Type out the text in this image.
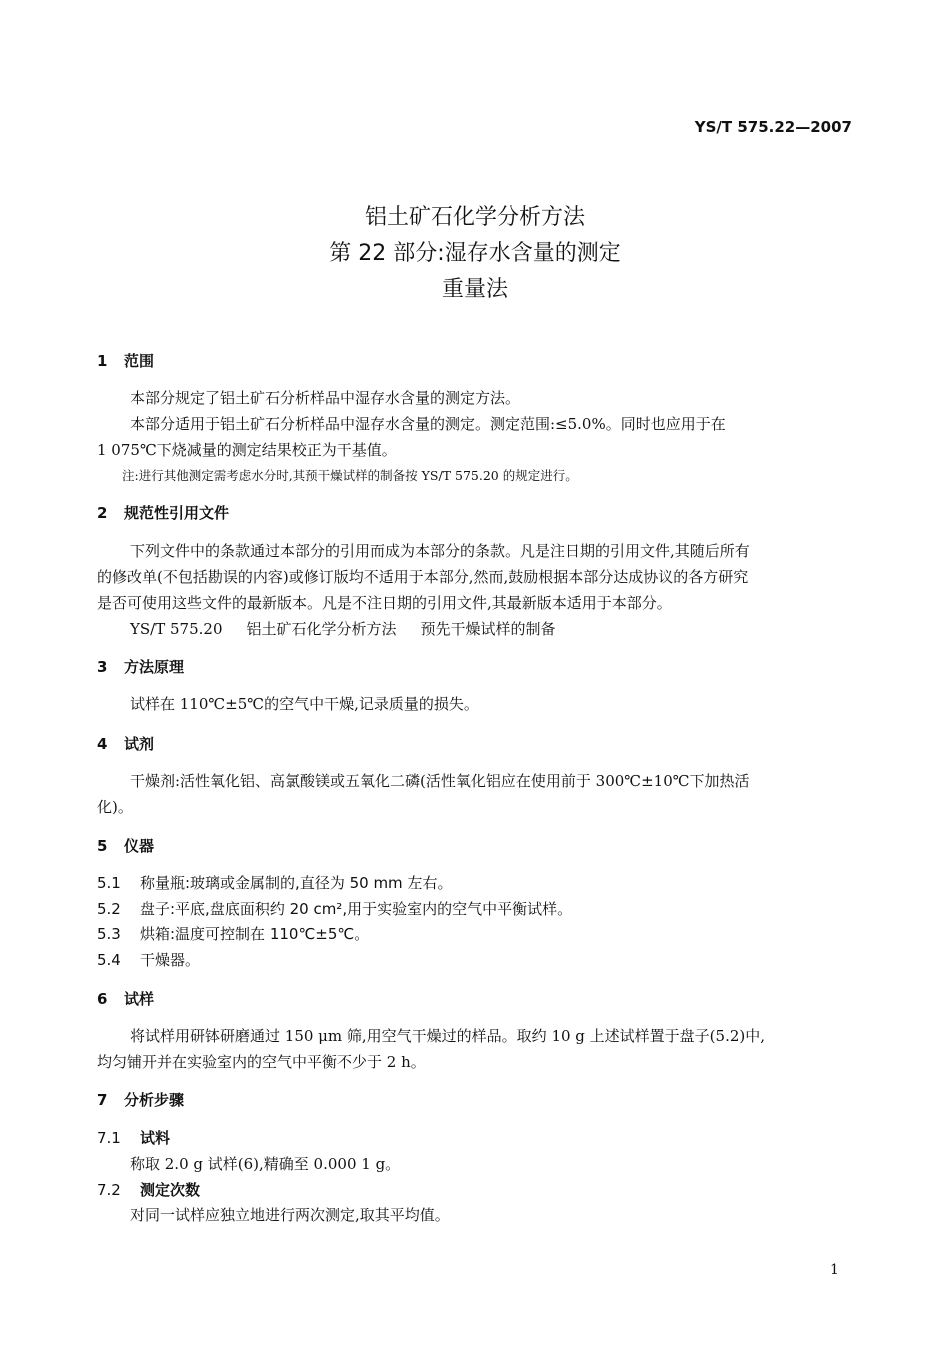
YS/T 575.22—2007
铝土矿石化学分析方法
第 22 部分:湿存水含量的测定
重量法
1 范围
本部分规定了铝土矿石分析样品中湿存水含量的测定方法。
本部分适用于铝土矿石分析样品中湿存水含量的测定。测定范围:≤5.0%。同时也应用于在
1 075℃下烧减量的测定结果校正为干基值。
注:进行其他测定需考虑水分时,其预干燥试样的制备按 YS/T 575.20 的规定进行。
2 规范性引用文件
下列文件中的条款通过本部分的引用而成为本部分的条款。凡是注日期的引用文件,其随后所有
的修改单(不包括勘误的内容)或修订版均不适用于本部分,然而,鼓励根据本部分达成协议的各方研究
是否可使用这些文件的最新版本。凡是不注日期的引用文件,其最新版本适用于本部分。
YS/T 575.20 铝土矿石化学分析方法 预先干燥试样的制备
3 方法原理
试样在 110℃±5℃的空气中干燥,记录质量的损失。
4 试剂
干燥剂:活性氧化铝、高氯酸镁或五氧化二磷(活性氧化铝应在使用前于 300℃±10℃下加热活
化)。
5 仪器
5.1 称量瓶:玻璃或金属制的,直径为 50 mm 左右。
5.2 盘子:平底,盘底面积约 20 cm²,用于实验室内的空气中平衡试样。
5.3 烘箱:温度可控制在 110℃±5℃。
5.4 干燥器。
6 试样
将试样用研钵研磨通过 150 μm 筛,用空气干燥过的样品。取约 10 g 上述试样置于盘子(5.2)中,
均匀铺开并在实验室内的空气中平衡不少于 2 h。
7 分析步骤
7.1 试料
称取 2.0 g 试样(6),精确至 0.000 1 g。
7.2 测定次数
对同一试样应独立地进行两次测定,取其平均值。
1
